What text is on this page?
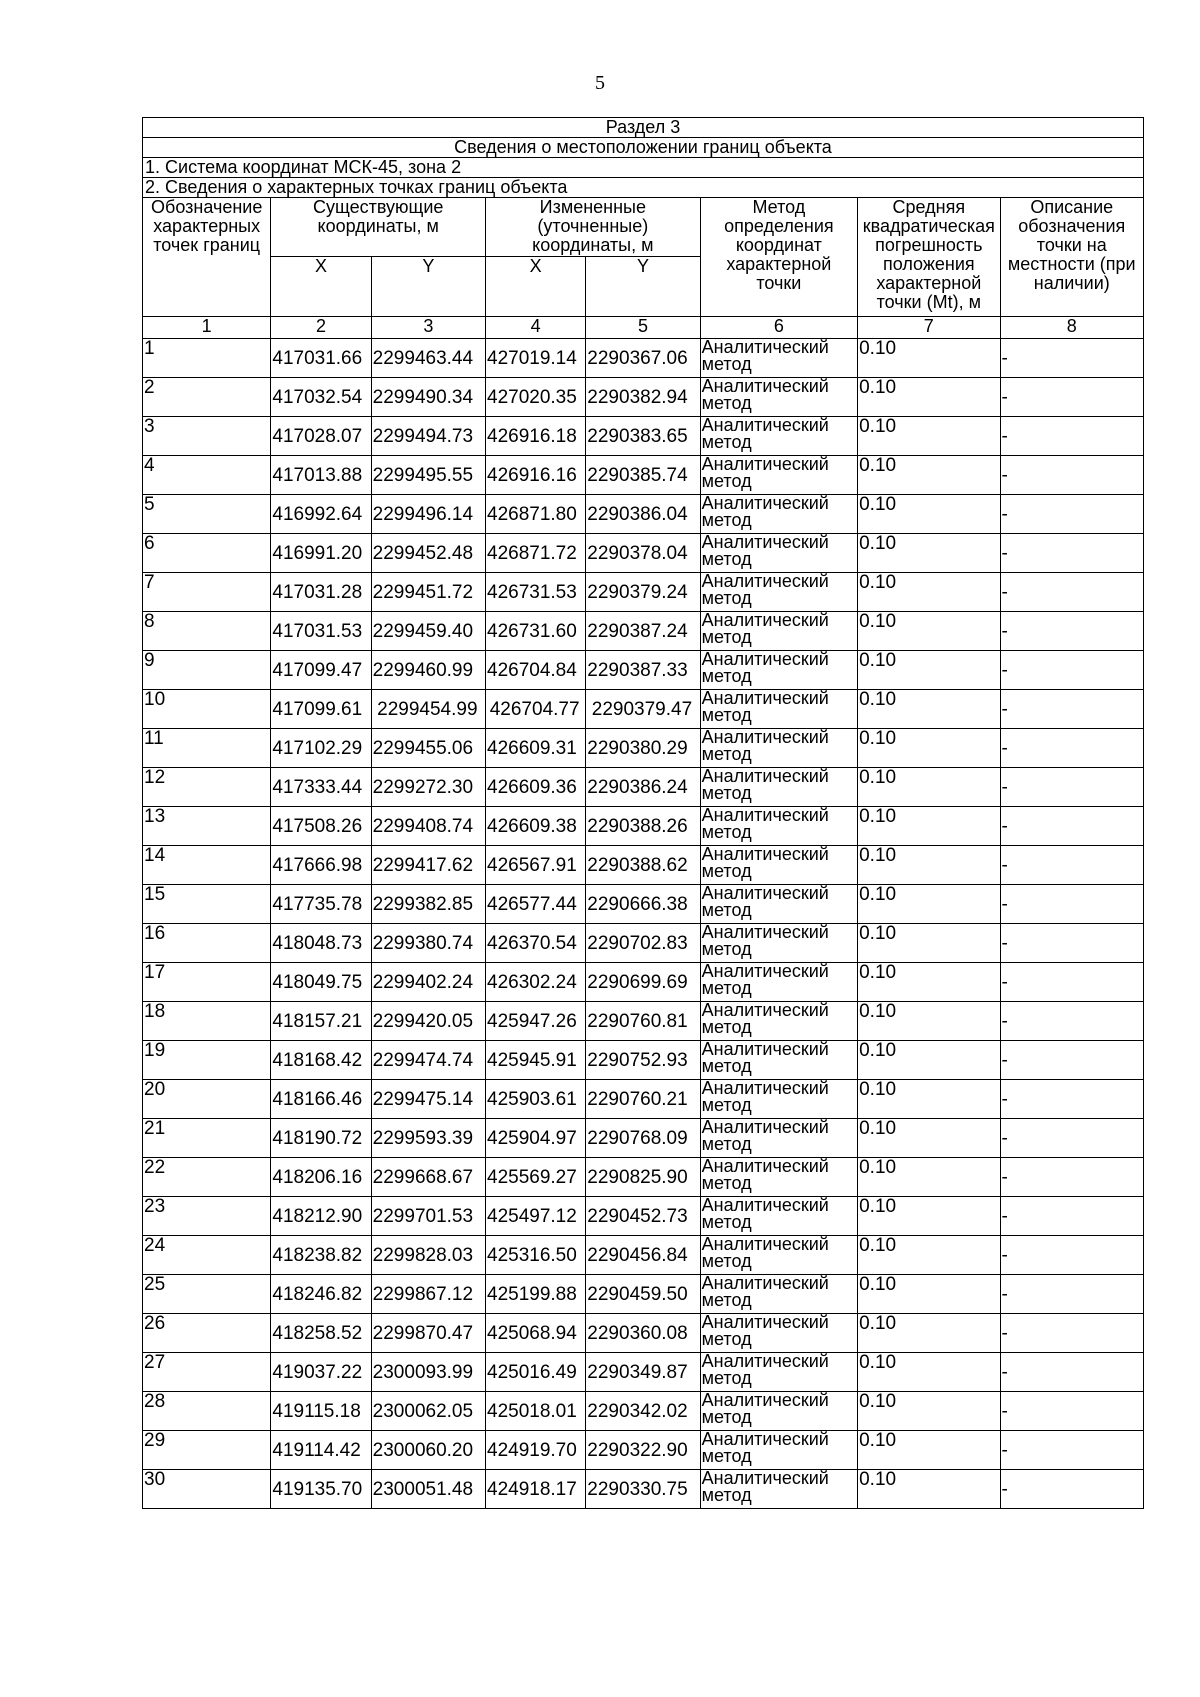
5
Раздел 3							
Сведения о местоположении границ объекта							
1. Система координат МСК-45, зона 2							
2. Сведения о характерных точках границ объекта							
Обозначение характерных точек границ	Существующие координаты, м		Измененные (уточненные) координаты, м		Метод определения координат характерной точки	Средняя квадратическая погрешность положения характерной точки (Mt), м	Описание обозначения точки на местности (при наличии)
	X	Y	X	Y			
1	2	3	4	5	6	7	8
1	417031.66	2299463.44	427019.14	2290367.06	Аналитический метод	0.10	-
2	417032.54	2299490.34	427020.35	2290382.94	Аналитический метод	0.10	-
3	417028.07	2299494.73	426916.18	2290383.65	Аналитический метод	0.10	-
4	417013.88	2299495.55	426916.16	2290385.74	Аналитический метод	0.10	-
5	416992.64	2299496.14	426871.80	2290386.04	Аналитический метод	0.10	-
6	416991.20	2299452.48	426871.72	2290378.04	Аналитический метод	0.10	-
7	417031.28	2299451.72	426731.53	2290379.24	Аналитический метод	0.10	-
8	417031.53	2299459.40	426731.60	2290387.24	Аналитический метод	0.10	-
9	417099.47	2299460.99	426704.84	2290387.33	Аналитический метод	0.10	-
10	417099.61	2299454.99	426704.77	2290379.47	Аналитический метод	0.10	-
11	417102.29	2299455.06	426609.31	2290380.29	Аналитический метод	0.10	-
12	417333.44	2299272.30	426609.36	2290386.24	Аналитический метод	0.10	-
13	417508.26	2299408.74	426609.38	2290388.26	Аналитический метод	0.10	-
14	417666.98	2299417.62	426567.91	2290388.62	Аналитический метод	0.10	-
15	417735.78	2299382.85	426577.44	2290666.38	Аналитический метод	0.10	-
16	418048.73	2299380.74	426370.54	2290702.83	Аналитический метод	0.10	-
17	418049.75	2299402.24	426302.24	2290699.69	Аналитический метод	0.10	-
18	418157.21	2299420.05	425947.26	2290760.81	Аналитический метод	0.10	-
19	418168.42	2299474.74	425945.91	2290752.93	Аналитический метод	0.10	-
20	418166.46	2299475.14	425903.61	2290760.21	Аналитический метод	0.10	-
21	418190.72	2299593.39	425904.97	2290768.09	Аналитический метод	0.10	-
22	418206.16	2299668.67	425569.27	2290825.90	Аналитический метод	0.10	-
23	418212.90	2299701.53	425497.12	2290452.73	Аналитический метод	0.10	-
24	418238.82	2299828.03	425316.50	2290456.84	Аналитический метод	0.10	-
25	418246.82	2299867.12	425199.88	2290459.50	Аналитический метод	0.10	-
26	418258.52	2299870.47	425068.94	2290360.08	Аналитический метод	0.10	-
27	419037.22	2300093.99	425016.49	2290349.87	Аналитический метод	0.10	-
28	419115.18	2300062.05	425018.01	2290342.02	Аналитический метод	0.10	-
29	419114.42	2300060.20	424919.70	2290322.90	Аналитический метод	0.10	-
30	419135.70	2300051.48	424918.17	2290330.75	Аналитический метод	0.10	-
